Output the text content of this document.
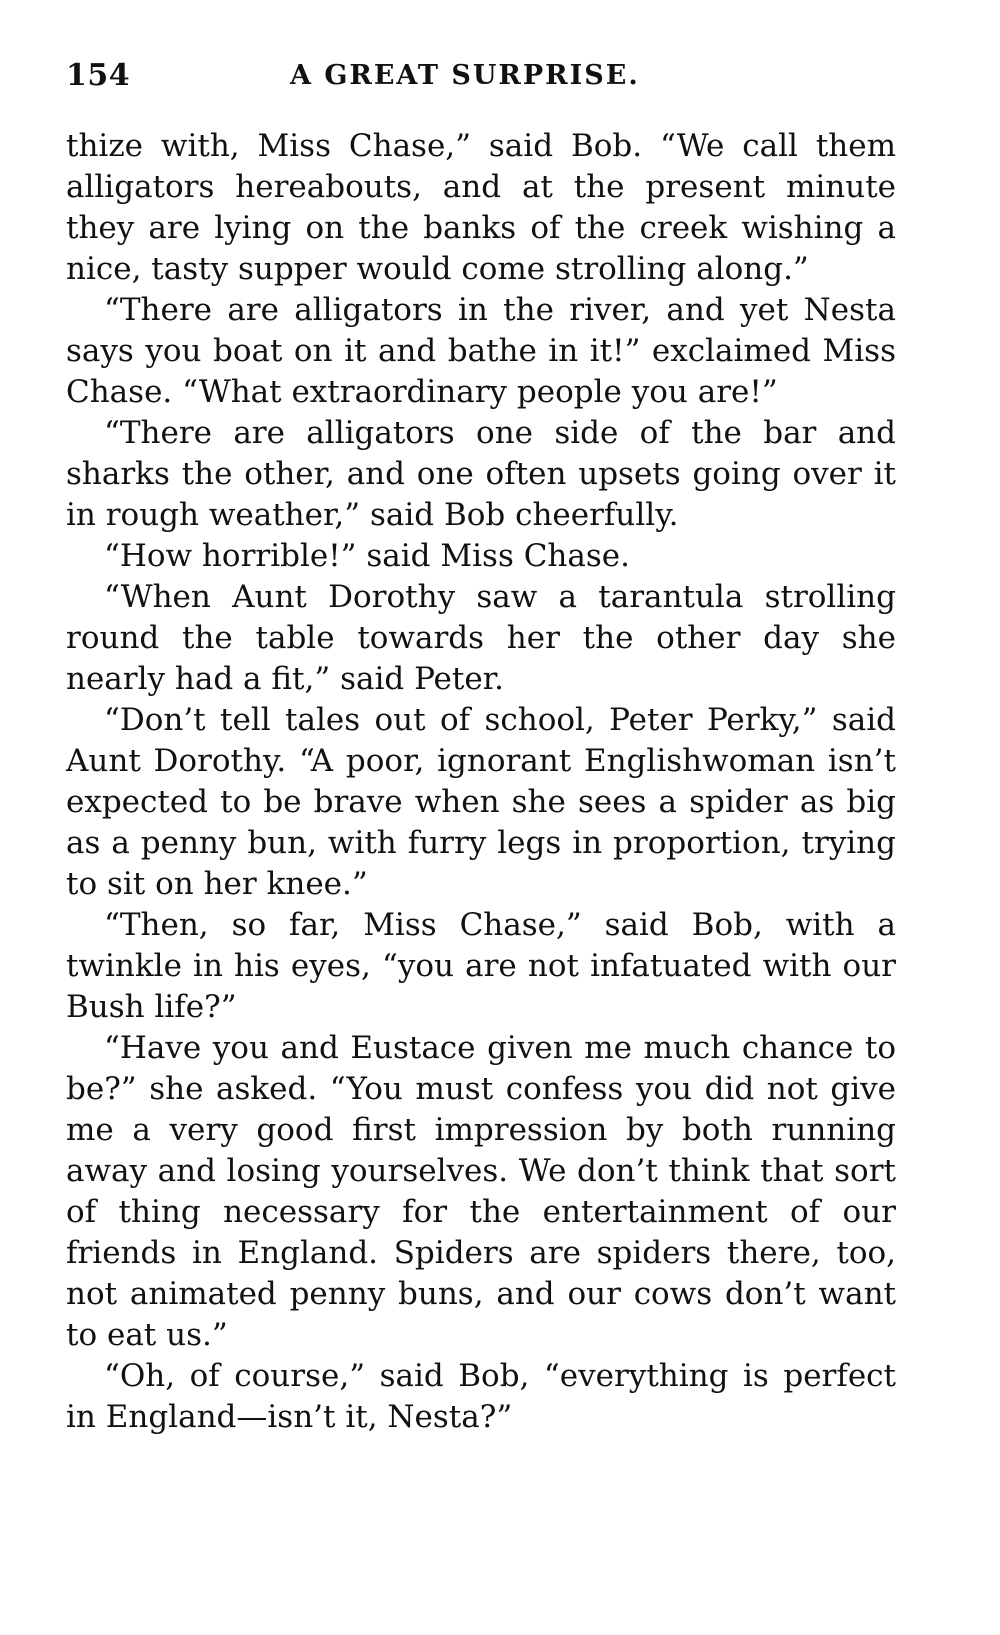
154	A GREAT SURPRISE.

thize with, Miss Chase,” said Bob. “We call them alligators hereabouts, and at the present minute they are lying on the banks of the creek wishing a nice, tasty supper would come strolling along.”

“There are alligators in the river, and yet Nesta says you boat on it and bathe in it!” exclaimed Miss Chase. “What extraordinary people you are!”

“There are alligators one side of the bar and sharks the other, and one often upsets going over it in rough weather,” said Bob cheerfully.

“How horrible!” said Miss Chase.

“When Aunt Dorothy saw a tarantula strolling round the table towards her the other day she nearly had a fit,” said Peter.

“Don’t tell tales out of school, Peter Perky,” said Aunt Dorothy. “A poor, ignorant Englishwoman isn’t expected to be brave when she sees a spider as big as a penny bun, with furry legs in proportion, trying to sit on her knee.”

“Then, so far, Miss Chase,” said Bob, with a twinkle in his eyes, “you are not infatuated with our Bush life?”

“Have you and Eustace given me much chance to be?” she asked. “You must confess you did not give me a very good first impression by both running away and losing yourselves. We don’t think that sort of thing necessary for the entertainment of our friends in England. Spiders are spiders there, too, not animated penny buns, and our cows don’t want to eat us.”

“Oh, of course,” said Bob, “everything is perfect in England—isn’t it, Nesta?”
